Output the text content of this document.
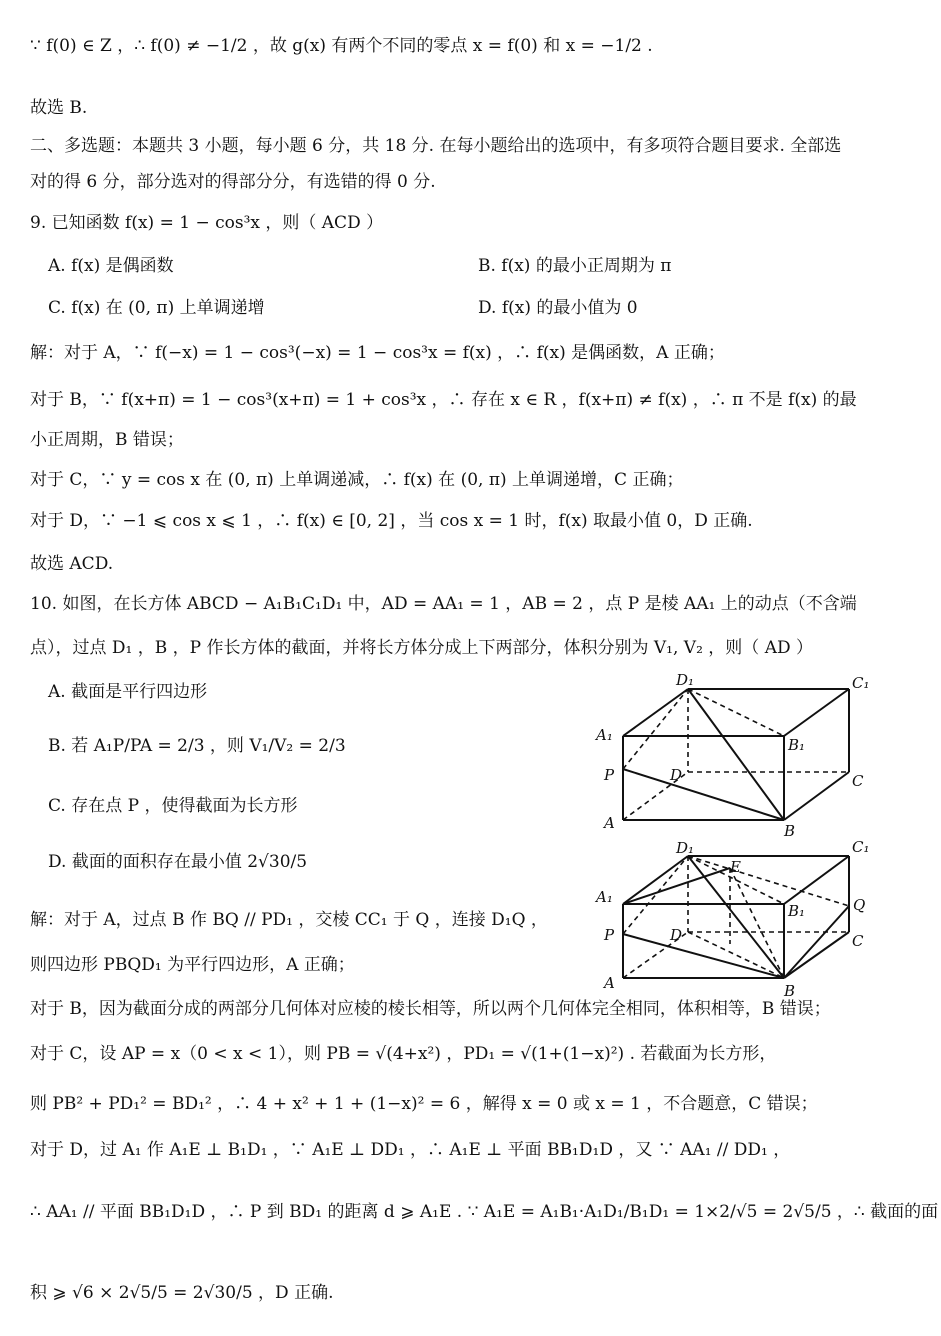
∵ f(0) ∈ Z ，∴ f(0) ≠ −1/2 ，故 g(x) 有两个不同的零点 x = f(0) 和 x = −1/2 .
故选 B.
二、多选题：本题共 3 小题，每小题 6 分，共 18 分. 在每小题给出的选项中，有多项符合题目要求. 全部选
对的得 6 分，部分选对的得部分分，有选错的得 0 分.
9. 已知函数 f(x) = 1 − cos³x ，则（ ACD ）
A. f(x) 是偶函数	B. f(x) 的最小正周期为 π
C. f(x) 在 (0, π) 上单调递增	D. f(x) 的最小值为 0
解：对于 A，∵ f(−x) = 1 − cos³(−x) = 1 − cos³x = f(x) ，∴ f(x) 是偶函数，A 正确；
对于 B，∵ f(x+π) = 1 − cos³(x+π) = 1 + cos³x ，∴ 存在 x ∈ R ，f(x+π) ≠ f(x) ，∴ π 不是 f(x) 的最
小正周期，B 错误；
对于 C，∵ y = cos x 在 (0, π) 上单调递减，∴ f(x) 在 (0, π) 上单调递增，C 正确；
对于 D，∵ −1 ⩽ cos x ⩽ 1 ，∴ f(x) ∈ [0, 2] ，当 cos x = 1 时，f(x) 取最小值 0，D 正确.
故选 ACD.
10. 如图，在长方体 ABCD − A₁B₁C₁D₁ 中，AD = AA₁ = 1 ，AB = 2 ，点 P 是棱 AA₁ 上的动点（不含端
点），过点 D₁ ，B ，P 作长方体的截面，并将长方体分成上下两部分，体积分别为 V₁, V₂ ，则（ AD ）
A. 截面是平行四边形
B. 若 A₁P/PA = 2/3 ，则 V₁/V₂ = 2/3
C. 存在点 P ，使得截面为长方形
D. 截面的面积存在最小值 2√30/5
解：对于 A，过点 B 作 BQ // PD₁ ，交棱 CC₁ 于 Q ，连接 D₁Q ，
则四边形 PBQD₁ 为平行四边形，A 正确；
对于 B，因为截面分成的两部分几何体对应棱的棱长相等，所以两个几何体完全相同，体积相等，B 错误；
对于 C，设 AP = x（0 < x < 1），则 PB = √(4+x²) ，PD₁ = √(1+(1−x)²) . 若截面为长方形，
则 PB² + PD₁² = BD₁² ，∴ 4 + x² + 1 + (1−x)² = 6 ，解得 x = 0 或 x = 1 ，不合题意，C 错误；
对于 D，过 A₁ 作 A₁E ⊥ B₁D₁ ，∵ A₁E ⊥ DD₁ ，∴ A₁E ⊥ 平面 BB₁D₁D ，又 ∵ AA₁ // DD₁ ，
∴ AA₁ // 平面 BB₁D₁D ，∴ P 到 BD₁ 的距离 d ⩾ A₁E . ∵ A₁E = A₁B₁·A₁D₁/B₁D₁ = 1×2/√5 = 2√5/5 ，∴ 截面的面
积 ⩾ √6 × 2√5/5 = 2√30/5 ，D 正确.
D₁	C₁
A₁
B₁
P	D	C
A	B
D₁	C₁
E
A₁
B₁	Q
P	D	C
A	B
